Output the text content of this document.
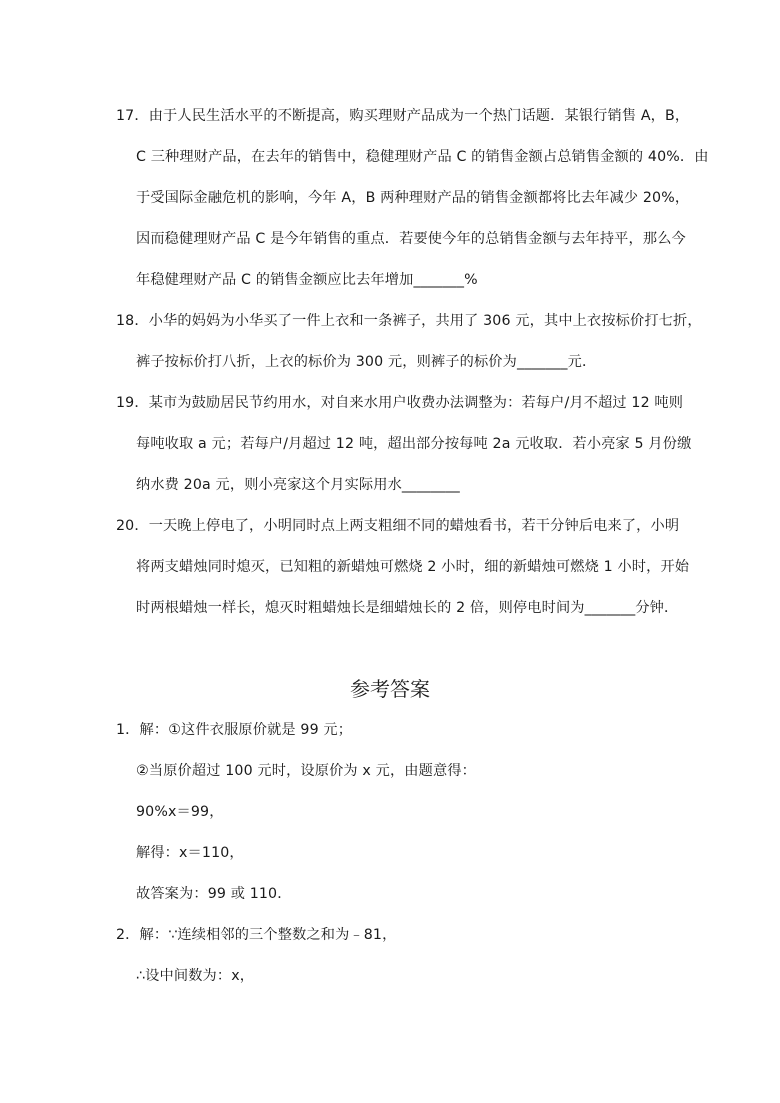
17．由于人民生活水平的不断提高，购买理财产品成为一个热门话题．某银行销售 A，B，
C 三种理财产品，在去年的销售中，稳健理财产品 C 的销售金额占总销售金额的 40%．由
于受国际金融危机的影响，今年 A，B 两种理财产品的销售金额都将比去年减少 20%，
因而稳健理财产品 C 是今年销售的重点．若要使今年的总销售金额与去年持平，那么今
年稳健理财产品 C 的销售金额应比去年增加_______%
18．小华的妈妈为小华买了一件上衣和一条裤子，共用了 306 元，其中上衣按标价打七折，
裤子按标价打八折，上衣的标价为 300 元，则裤子的标价为_______元．
19．某市为鼓励居民节约用水，对自来水用户收费办法调整为：若每户/月不超过 12 吨则
每吨收取 a 元；若每户/月超过 12 吨，超出部分按每吨 2a 元收取．若小亮家 5 月份缴
纳水费 20a 元，则小亮家这个月实际用水________
20．一天晚上停电了，小明同时点上两支粗细不同的蜡烛看书，若干分钟后电来了，小明
将两支蜡烛同时熄灭，已知粗的新蜡烛可燃烧 2 小时，细的新蜡烛可燃烧 1 小时，开始
时两根蜡烛一样长，熄灭时粗蜡烛长是细蜡烛长的 2 倍，则停电时间为_______分钟．
参考答案
1．解：①这件衣服原价就是 99 元；
②当原价超过 100 元时，设原价为 x 元，由题意得：
90%x＝99，
解得：x＝110，
故答案为：99 或 110．
2．解：∵连续相邻的三个整数之和为﹣81，
∴设中间数为：x，
